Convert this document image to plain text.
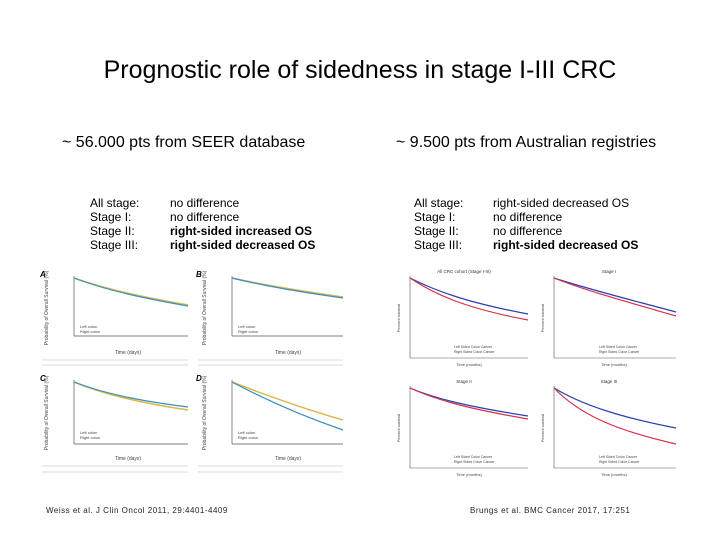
Prognostic role of sidedness in stage I-III CRC
~ 56.000 pts from SEER database	~ 9.500 pts from Australian registries
All stage:
Stage I:
Stage II:
Stage III:
no difference
no difference
right-sided increased OS
right-sided decreased OS
All stage:
Stage I:
Stage II:
Stage III:
right-sided decreased OS
no difference
no difference
right-sided decreased OS
A
Probability of Overall Survival (%)
Time (days)
Left colon
Right colon
B Probability of Overall Survival (%)
Time (days)
Left colon
Right colon
C
Probability of Overall Survival (%)
Time (days)
Left colon
Right colon
D Probability of Overall Survival (%)
Time (days)
Left colon
Right colon
All CRC cohort (Stage I-III)
Percent survival
Time (months)
Left Sided Colon Cancer
Right Sided Colon Cancer
Stage I
Percent survival
Time (months)
Left Sided Colon Cancer
Right Sided Colon Cancer
Stage II
Percent survival
Time (months)
Left Sided Colon Cancer
Right Sided Colon Cancer
Stage III
Percent survival
Time (months)
Left Sided Colon Cancer
Right Sided Colon Cancer
Weiss et al. J Clin Oncol 2011, 29:4401-4409	Brungs et al. BMC Cancer 2017, 17:251
